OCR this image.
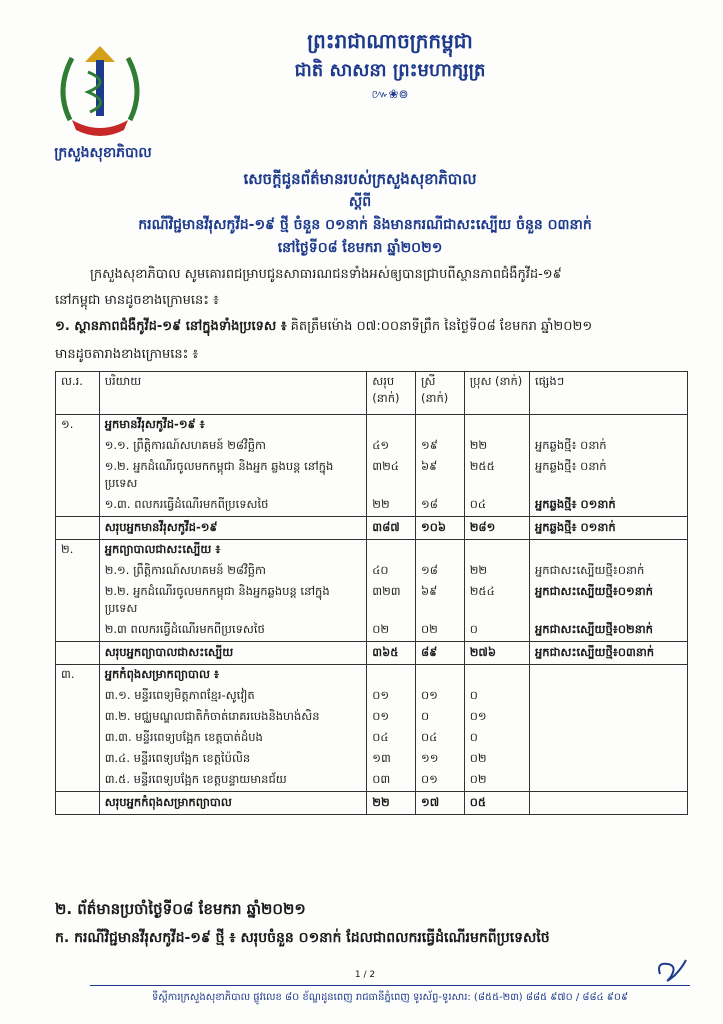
ព្រះរាជាណាចក្រកម្ពុជា
ជាតិ សាសនា ព្រះមហាក្សត្រ
៚❀៙
ក្រសួងសុខាភិបាល
សេចក្ដីជូនព័ត៌មានរបស់ក្រសួងសុខាភិបាល
ស្ដីពី
ករណីវិជ្ជមានវីរុសកូវីដ-១៩ ថ្មី ចំនួន ០១នាក់ និងមានករណីជាសះស្បើយ ចំនួន ០៣នាក់
នៅថ្ងៃទី០៨ ខែមករា ឆ្នាំ២០២១
ក្រសួងសុខាភិបាល សូមគោរពជម្រាបជូនសាធារណជនទាំងអស់ឲ្យបានជ្រាបពីស្ថានភាពជំងឺកូវីដ-១៩
នៅកម្ពុជា មានដូចខាងក្រោមនេះ ៖
១. ស្ថានភាពជំងឺកូវីដ-១៩ នៅក្នុងទាំងប្រទេស ៖ គិតត្រឹមម៉ោង ០៧:០០នាទីព្រឹក នៃថ្ងៃទី០៨ ខែមករា ឆ្នាំ២០២១
មានដូចតារាងខាងក្រោមនេះ ៖
ល.រ.	បរិយាយ	សរុប (នាក់)	ស្រី (នាក់)	ប្រុស (នាក់)	ផ្សេងៗ
១.	អ្នកមានវីរុសកូវីដ-១៩ ៖				
	១.១. ព្រឹត្តិការណ៍សហគមន៍ ២៨វិច្ឆិកា	៤១	១៩	២២	អ្នកឆ្លងថ្មី៖ ០នាក់
	១.២. អ្នកដំណើរចូលមកកម្ពុជា និងអ្នក ឆ្លងបន្ត នៅក្នុងប្រទេស	៣២៤	៦៩	២៥៥	អ្នកឆ្លងថ្មី៖ ០នាក់
	១.៣. ពលករធ្វើដំណើរមកពីប្រទេសថៃ	២២	១៨	០៤	អ្នកឆ្លងថ្មី៖ ០១នាក់
	សរុបអ្នកមានវីរុសកូវីដ-១៩	៣៨៧	១០៦	២៨១	អ្នកឆ្លងថ្មី៖ ០១នាក់
២.	អ្នកព្យាបាលជាសះស្បើយ ៖				
	២.១. ព្រឹត្តិការណ៍សហគមន៍ ២៨វិច្ឆិកា	៤០	១៨	២២	អ្នកជាសះស្បើយថ្មី៖០នាក់
	២.២. អ្នកដំណើរចូលមកកម្ពុជា និងអ្នកឆ្លងបន្ត នៅក្នុងប្រទេស	៣២៣	៦៩	២៥៤	អ្នកជាសះស្បើយថ្មី៖០១នាក់
	២.៣ ពលករធ្វើដំណើរមកពីប្រទេសថៃ	០២	០២	០	អ្នកជាសះស្បើយថ្មី៖០២នាក់
	សរុបអ្នកព្យាបាលជាសះស្បើយ	៣៦៥	៨៩	២៧៦	អ្នកជាសះស្បើយថ្មី៖០៣នាក់
៣.	អ្នកកំពុងសម្រាកព្យាបាល ៖				
	៣.១. មន្ទីរពេទ្យមិត្តភាពខ្មែរ-សូវៀត	០១	០១	០	
	៣.២. មជ្ឈមណ្ឌលជាតិកំចាត់រោគរបេងនិងហង់សិន	០១	០	០១	
	៣.៣. មន្ទីរពេទ្យបង្អែក ខេត្តបាត់ដំបង	០៤	០៤	០	
	៣.៤. មន្ទីរពេទ្យបង្អែក ខេត្តប៉ៃលិន	១៣	១១	០២	
	៣.៥. មន្ទីរពេទ្យបង្អែក ខេត្តបន្ទាយមានជ័យ	០៣	០១	០២	
	សរុបអ្នកកំពុងសម្រាកព្យាបាល	២២	១៧	០៥	
២. ព័ត៌មានប្រចាំថ្ងៃទី០៨ ខែមករា ឆ្នាំ២០២១
ក. ករណីវិជ្ជមានវីរុសកូវីដ-១៩ ថ្មី ៖ សរុបចំនួន ០១នាក់ ដែលជាពលករធ្វើដំណើរមកពីប្រទេសថៃ
1 / 2
ទីស្តីការក្រសួងសុខាភិបាល ផ្លូវលេខ ៨០ ខ័ណ្ឌដូនពេញ រាជធានីភ្នំពេញ ទូរស័ព្ទ-ទូរសារ: (៨៥៥-២៣) ៨៨៥ ៩៧០ / ៨៨៤ ៩០៩
